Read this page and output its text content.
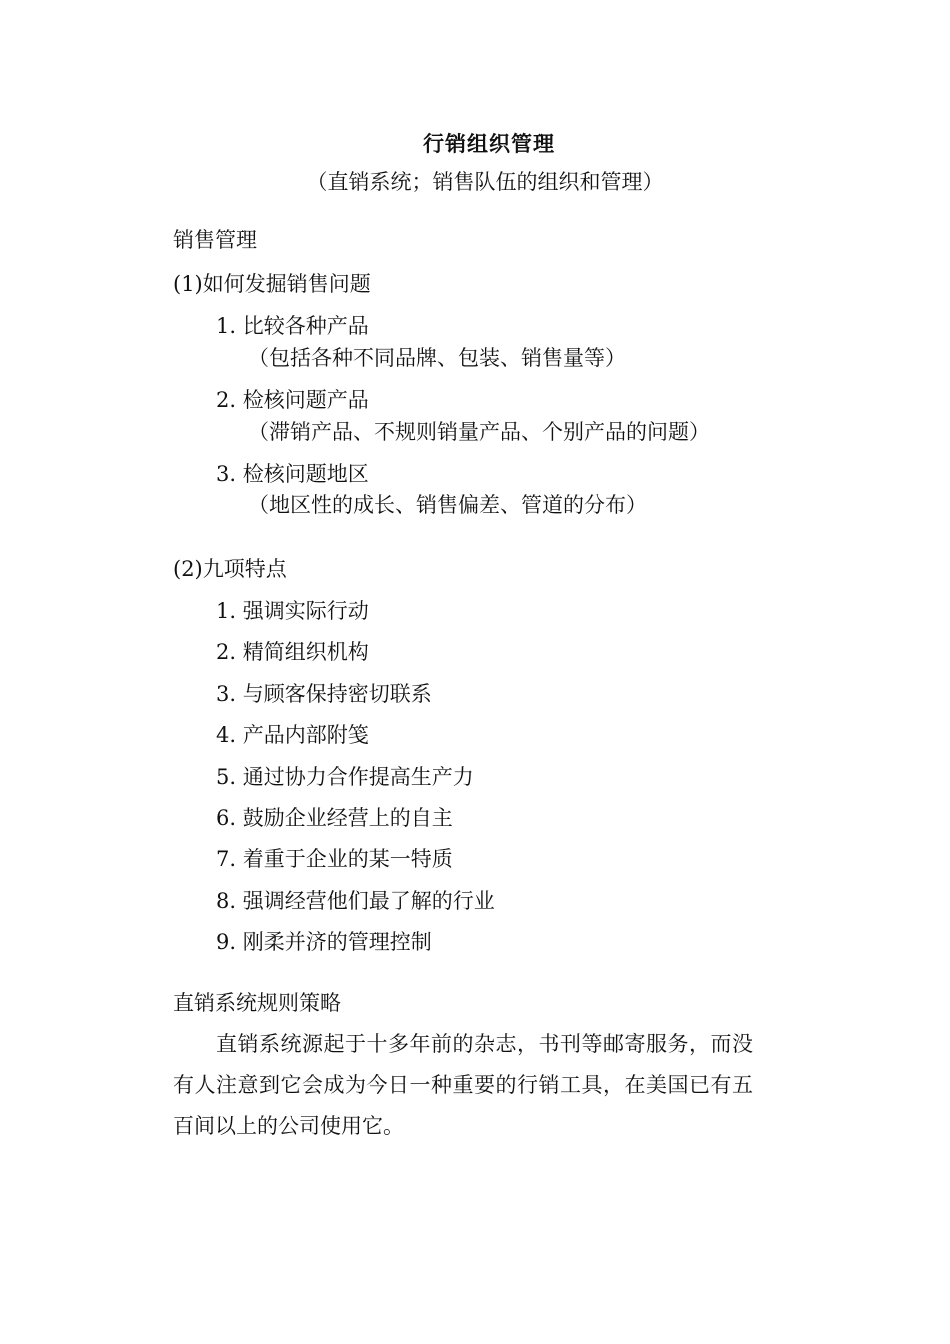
行销组织管理
（直销系统；销售队伍的组织和管理）
销售管理
(1)如何发掘销售问题
1. 比较各种产品
（包括各种不同品牌、包装、销售量等）
2. 检核问题产品
（滞销产品、不规则销量产品、个别产品的问题）
3. 检核问题地区
（地区性的成长、销售偏差、管道的分布）
(2)九项特点
1. 强调实际行动
2. 精简组织机构
3. 与顾客保持密切联系
4. 产品内部附笺
5. 通过协力合作提高生产力
6. 鼓励企业经营上的自主
7. 着重于企业的某一特质
8. 强调经营他们最了解的行业
9. 刚柔并济的管理控制
直销系统规则策略
直销系统源起于十多年前的杂志，书刊等邮寄服务，而没有人注意到它会成为今日一种重要的行销工具，在美国已有五百间以上的公司使用它。
